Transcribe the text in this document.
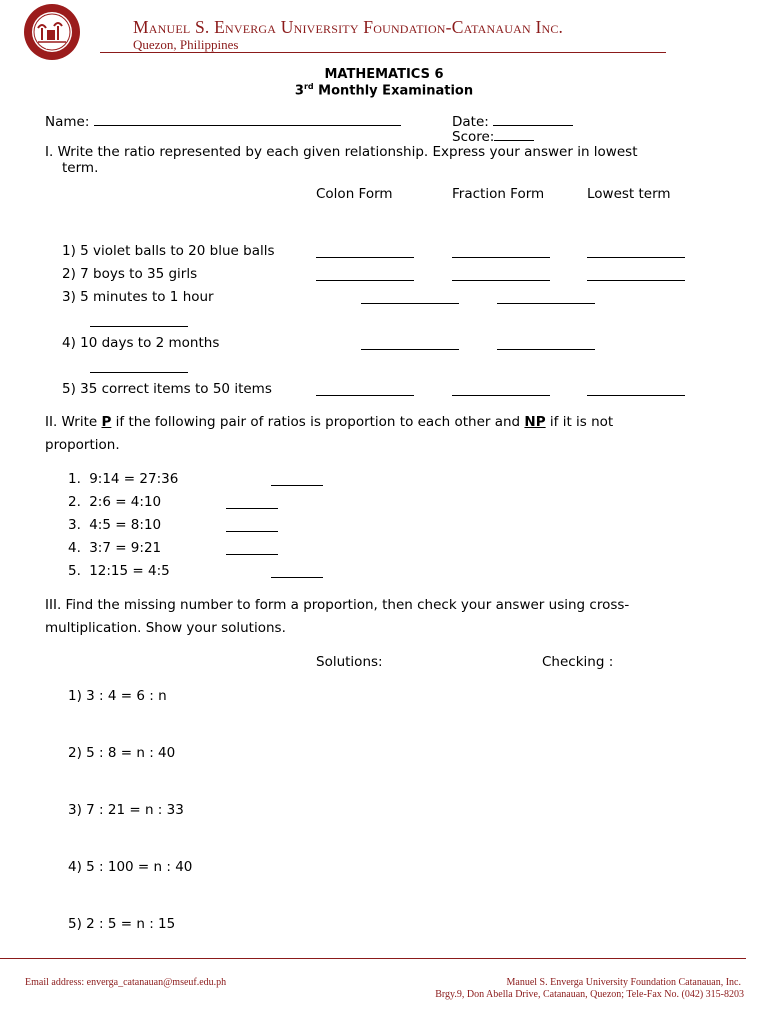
1948
Manuel S. Enverga University Foundation-Catanauan Inc.
Quezon, Philippines
MATHEMATICS 6
3rd Monthly Examination
Name:	Date:
Score:
I. Write the ratio represented by each given relationship. Express your answer in lowest
term.
Colon Form	Fraction Form	Lowest term
1) 5 violet balls to 20 blue balls
2) 7 boys to 35 girls
3) 5 minutes to 1 hour
4) 10 days to 2 months
5) 35 correct items to 50 items
II. Write P if the following pair of ratios is proportion to each other and NP if it is not
proportion.
1. 9:14 = 27:36
2. 2:6 = 4:10
3. 4:5 = 8:10
4. 3:7 = 9:21
5. 12:15 = 4:5
III. Find the missing number to form a proportion, then check your answer using cross-
multiplication. Show your solutions.
Solutions:	Checking :
1) 3 : 4 = 6 : n
2) 5 : 8 = n : 40
3) 7 : 21 = n : 33
4) 5 : 100 = n : 40
5) 2 : 5 = n : 15
Email address: enverga_catanauan@mseuf.edu.ph	Manuel S. Enverga University Foundation Catanauan, Inc.
Brgy.9, Don Abella Drive, Catanauan, Quezon; Tele-Fax No. (042) 315-8203
